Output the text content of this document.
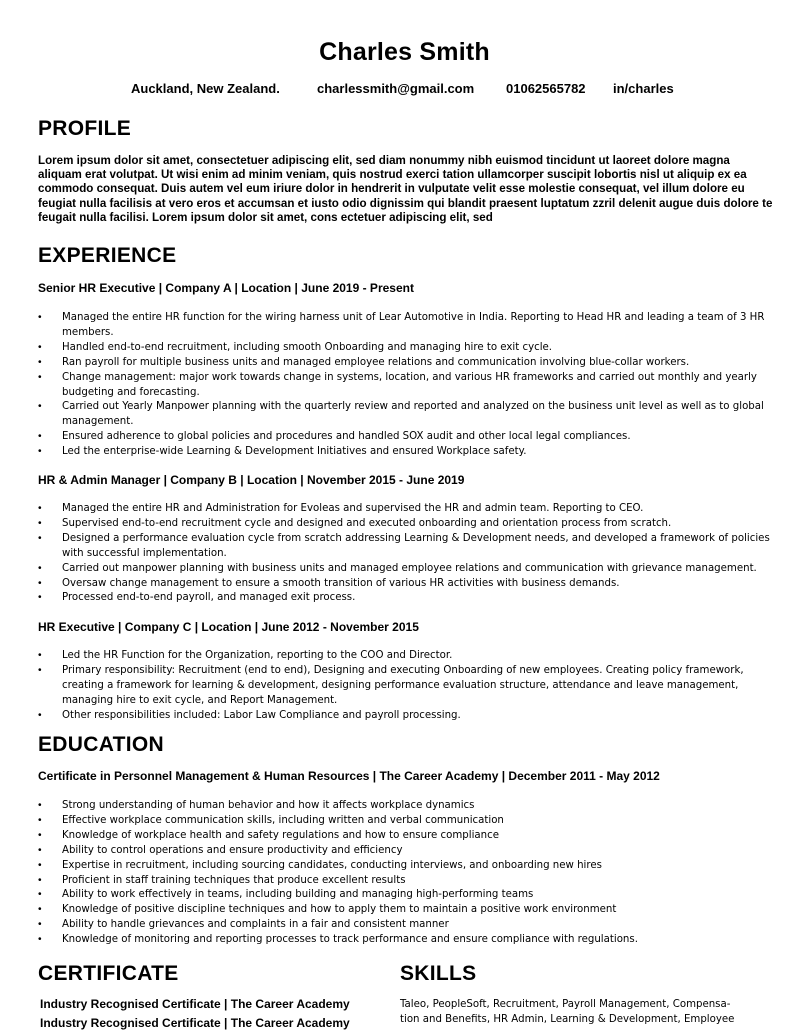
Charles Smith
Auckland, New Zealand.	charlessmith@gmail.com 01062565782 in/charles
PROFILE
Lorem ipsum dolor sit amet, consectetuer adipiscing elit, sed diam nonummy nibh euismod tincidunt ut laoreet dolore magna aliquam erat volutpat. Ut wisi enim ad minim veniam, quis nostrud exerci tation ullamcorper suscipit lobortis nisl ut aliquip ex ea commodo consequat. Duis autem vel eum iriure dolor in hendrerit in vulputate velit esse molestie consequat, vel illum dolore eu feugiat nulla facilisis at vero eros et accumsan et iusto odio dignissim qui blandit praesent luptatum zzril delenit augue duis dolore te feugait nulla facilisi. Lorem ipsum dolor sit amet, cons ectetuer adipiscing elit, sed
EXPERIENCE
Senior HR Executive | Company A | Location | June 2019 - Present
• Managed the entire HR function for the wiring harness unit of Lear Automotive in India. Reporting to Head HR and leading a team of 3 HR members.
• Handled end-to-end recruitment, including smooth Onboarding and managing hire to exit cycle.
• Ran payroll for multiple business units and managed employee relations and communication involving blue-collar workers.
• Change management: major work towards change in systems, location, and various HR frameworks and carried out monthly and yearly budgeting and forecasting.
• Carried out Yearly Manpower planning with the quarterly review and reported and analyzed on the business unit level as well as to global management.
• Ensured adherence to global policies and procedures and handled SOX audit and other local legal compliances.
• Led the enterprise-wide Learning & Development Initiatives and ensured Workplace safety.
HR & Admin Manager | Company B | Location | November 2015 - June 2019
• Managed the entire HR and Administration for Evoleas and supervised the HR and admin team. Reporting to CEO.
• Supervised end-to-end recruitment cycle and designed and executed onboarding and orientation process from scratch.
• Designed a performance evaluation cycle from scratch addressing Learning & Development needs, and developed a framework of policies with successful implementation.
• Carried out manpower planning with business units and managed employee relations and communication with grievance management.
• Oversaw change management to ensure a smooth transition of various HR activities with business demands.
• Processed end-to-end payroll, and managed exit process.
HR Executive | Company C | Location | June 2012 - November 2015
• Led the HR Function for the Organization, reporting to the COO and Director.
• Primary responsibility: Recruitment (end to end), Designing and executing Onboarding of new employees. Creating policy framework, creating a framework for learning & development, designing performance evaluation structure, attendance and leave management, managing hire to exit cycle, and Report Management.
• Other responsibilities included: Labor Law Compliance and payroll processing.
EDUCATION
Certificate in Personnel Management & Human Resources | The Career Academy | December 2011 - May 2012
• Strong understanding of human behavior and how it affects workplace dynamics
• Effective workplace communication skills, including written and verbal communication
• Knowledge of workplace health and safety regulations and how to ensure compliance
• Ability to control operations and ensure productivity and efficiency
• Expertise in recruitment, including sourcing candidates, conducting interviews, and onboarding new hires
• Proficient in staff training techniques that produce excellent results
• Ability to work effectively in teams, including building and managing high-performing teams
• Knowledge of positive discipline techniques and how to apply them to maintain a positive work environment
• Ability to handle grievances and complaints in a fair and consistent manner
• Knowledge of monitoring and reporting processes to track performance and ensure compliance with regulations.
CERTIFICATE
Industry Recognised Certificate | The Career Academy
Industry Recognised Certificate | The Career Academy
SKILLS
Taleo, PeopleSoft, Recruitment, Payroll Management, Compensa-tion and Benefits, HR Admin, Learning & Development, Employee
